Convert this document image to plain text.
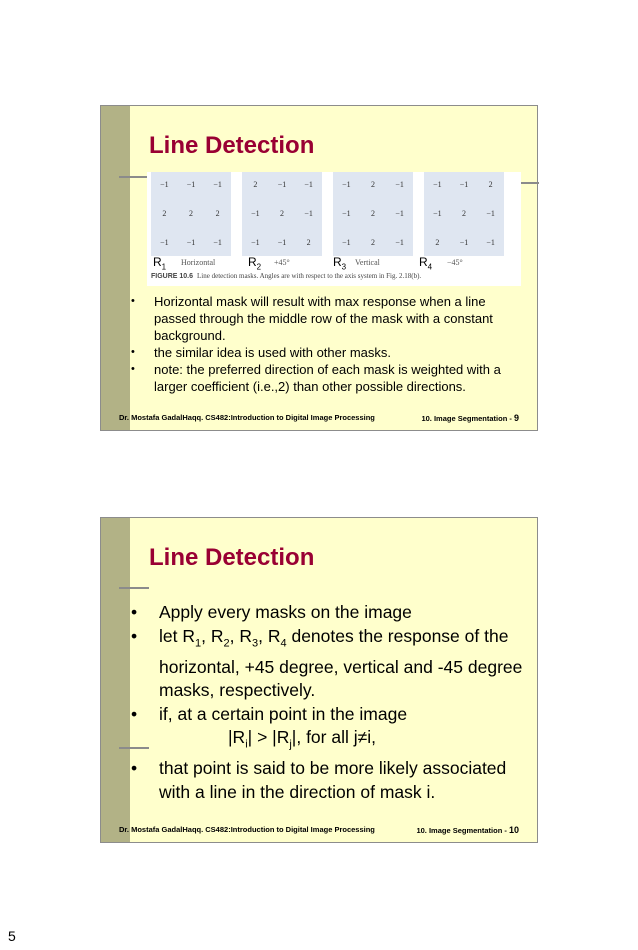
Line Detection
−1	−1	−1
2	2	2
−1	−1	−1
2	−1	−1
−1	2	−1
−1	−1	2
−1	2	−1
−1	2	−1
−1	2	−1
−1	−1	2
−1	2	−1
2	−1	−1
$R_1$ Horizontal	$R_2 +45^\circ$	$R_3$ Vertical	$R_4 -45^\circ$
FIGURE 10.6 Line detection masks. Angles are with respect to the axis system in Fig. 2.18(b).
• Horizontal mask will result with max response when a line passed through the middle row of the mask with a constant background.
• the similar idea is used with other masks.
• note: the preferred direction of each mask is weighted with a larger coefficient (i.e.,2) than other possible directions.
Dr. Mostafa GadalHaqq. CS482:Introduction to Digital Image Processing	10. Image Segmentation - 9
Line Detection
• Apply every masks on the image
• let $R_1$, $R_2$, $R_3$, $R_4$ denotes the response of the horizontal, +45 degree, vertical and -45 degree masks, respectively.
• if, at a certain point in the image
$|R_i| > |R_j|$, for all j≠i,
• that point is said to be more likely associated with a line in the direction of mask i.
Dr. Mostafa GadalHaqq. CS482:Introduction to Digital Image Processing	10. Image Segmentation - 10
5
